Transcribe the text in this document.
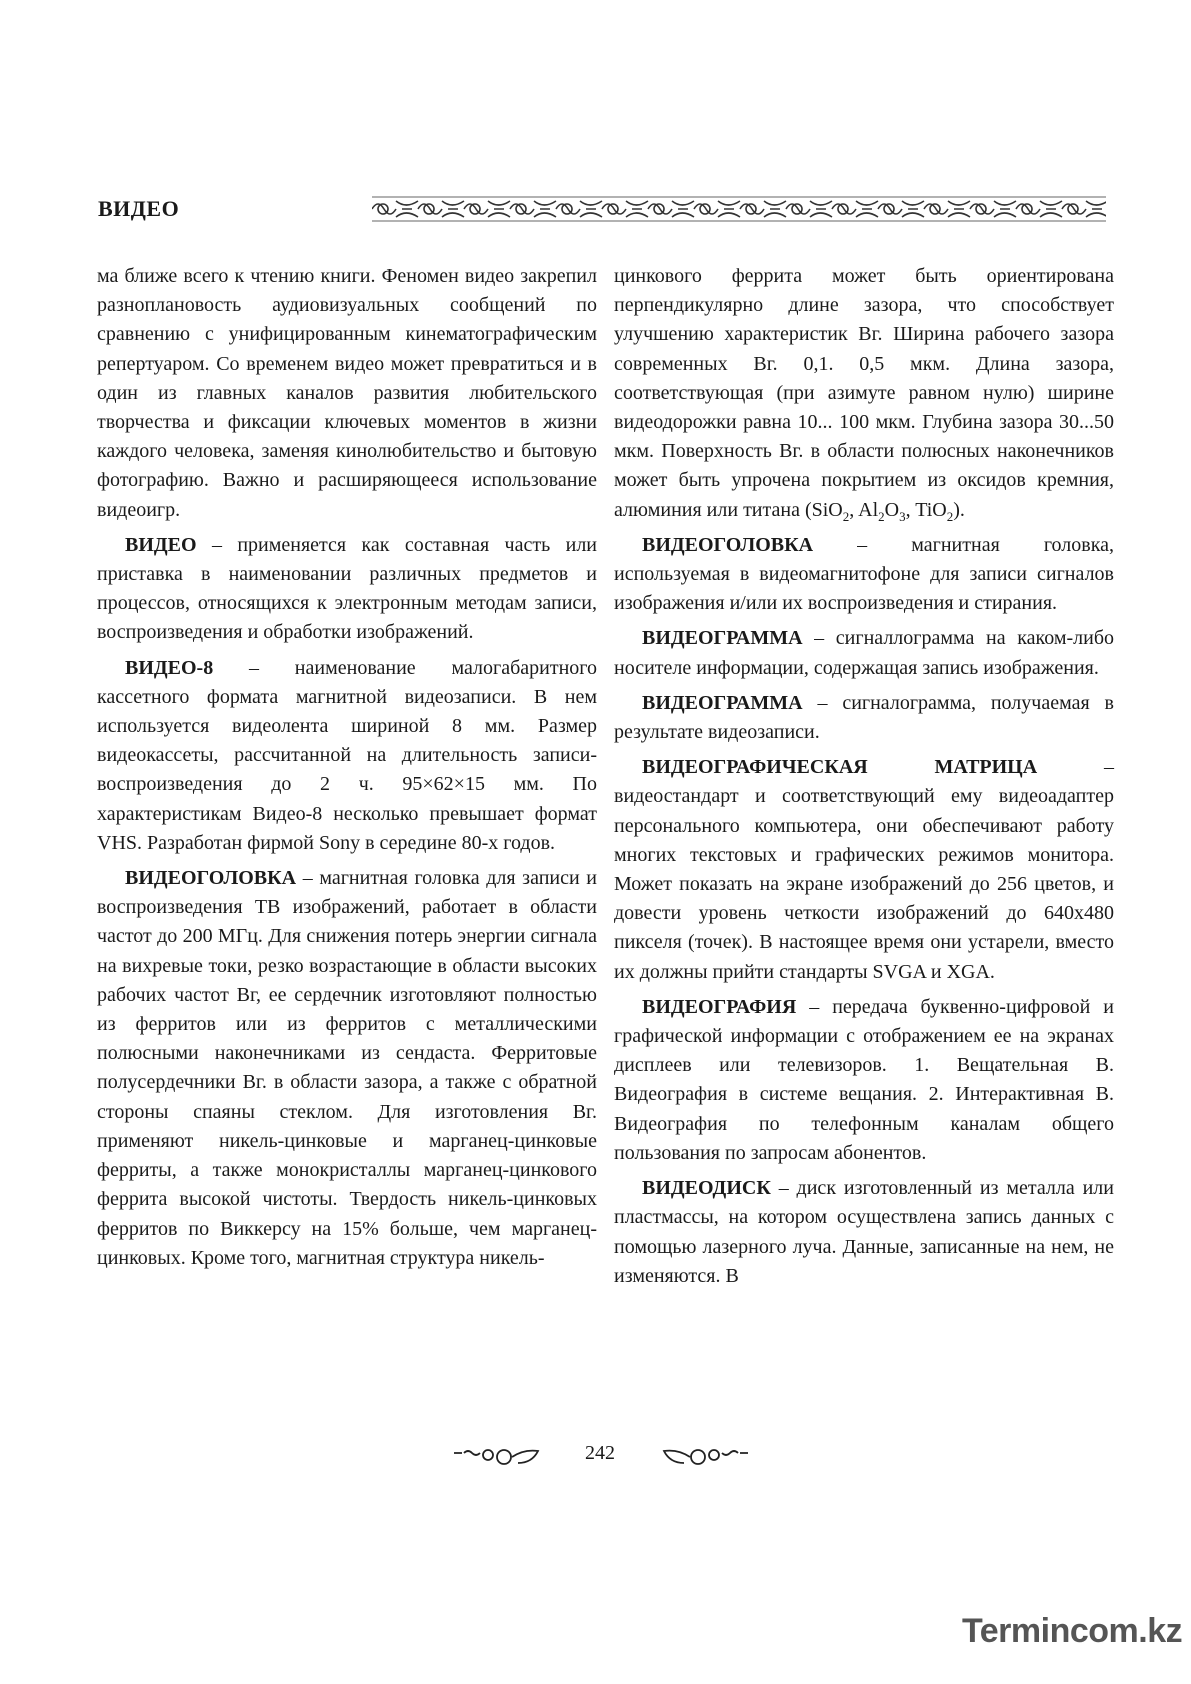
ВИДЕО

ма ближе всего к чтению книги. Феномен видео закрепил разноплановость аудиовизуальных сообщений по сравнению с унифицированным кинематографическим репертуаром. Со временем видео может превратиться и в один из главных каналов развития любительского творчества и фиксации ключевых моментов в жизни каждого человека, заменяя кинолюбительство и бытовую фотографию. Важно и расширяющееся использование видеоигр.

ВИДЕО – применяется как составная часть или приставка в наименовании различных предметов и процессов, относящихся к электронным методам записи, воспроизведения и обработки изображений.

ВИДЕО-8 – наименование малогабаритного кассетного формата магнитной видеозаписи. В нем используется видеолента шириной 8 мм. Размер видеокассеты, рассчитанной на длительность записи-воспроизведения до 2 ч. 95×62×15 мм. По характеристикам Видео-8 несколько превышает формат VHS. Разработан фирмой Sony в середине 80-х годов.

ВИДЕОГОЛОВКА – магнитная головка для записи и воспроизведения ТВ изображений, работает в области частот до 200 МГц. Для снижения потерь энергии сигнала на вихревые токи, резко возрастающие в области высоких рабочих частот Вг, ее сердечник изготовляют полностью из ферритов или из ферритов с металлическими полюсными наконечниками из сендаста. Ферритовые полусердечники Вг. в области зазора, а также с обратной стороны спаяны стеклом. Для изготовления Вг. применяют никель-цинковые и марганец-цинковые ферриты, а также монокристаллы марганец-цинкового феррита высокой чистоты. Твердость никель-цинковых ферритов по Виккерсу на 15% больше, чем марганец-цинковых. Кроме того, магнитная структура никель-

цинкового феррита может быть ориентирована перпендикулярно длине зазора, что способствует улучшению характеристик Вг. Ширина рабочего зазора современных Вг. 0,1. 0,5 мкм. Длина зазора, соответствующая (при азимуте равном нулю) ширине видеодорожки равна 10... 100 мкм. Глубина зазора 30...50 мкм. Поверхность Вг. в области полюсных наконечников может быть упрочена покрытием из оксидов кремния, алюминия или титана (SiO$_2$, $Al_2O_3$, TiO$_2$).

ВИДЕОГОЛОВКА – магнитная головка, используемая в видеомагнитофоне для записи сигналов изображения и/или их воспроизведения и стирания.

ВИДЕОГРАММА – сигналлограмма на каком-либо носителе информации, содержащая запись изображения.

ВИДЕОГРАММА – сигналограмма, получаемая в результате видеозаписи.

ВИДЕОГРАФИЧЕСКАЯ МАТРИЦА – видеостандарт и соответствующий ему видеоадаптер персонального компьютера, они обеспечивают работу многих текстовых и графических режимов монитора. Может показать на экране изображений до 256 цветов, и довести уровень четкости изображений до 640х480 пикселя (точек). В настоящее время они устарели, вместо их должны прийти стандарты SVGA и XGA.

ВИДЕОГРАФИЯ – передача буквенно-цифровой и графической информации с отображением ее на экранах дисплеев или телевизоров. 1. Вещательная В. Видеография в системе вещания. 2. Интерактивная В. Видеография по телефонным каналам общего пользования по запросам абонентов.

ВИДЕОДИСК – диск изготовленный из металла или пластмассы, на котором осуществлена запись данных с помощью лазерного луча. Данные, записанные на нем, не изменяются. В

242
Termincom.kz
